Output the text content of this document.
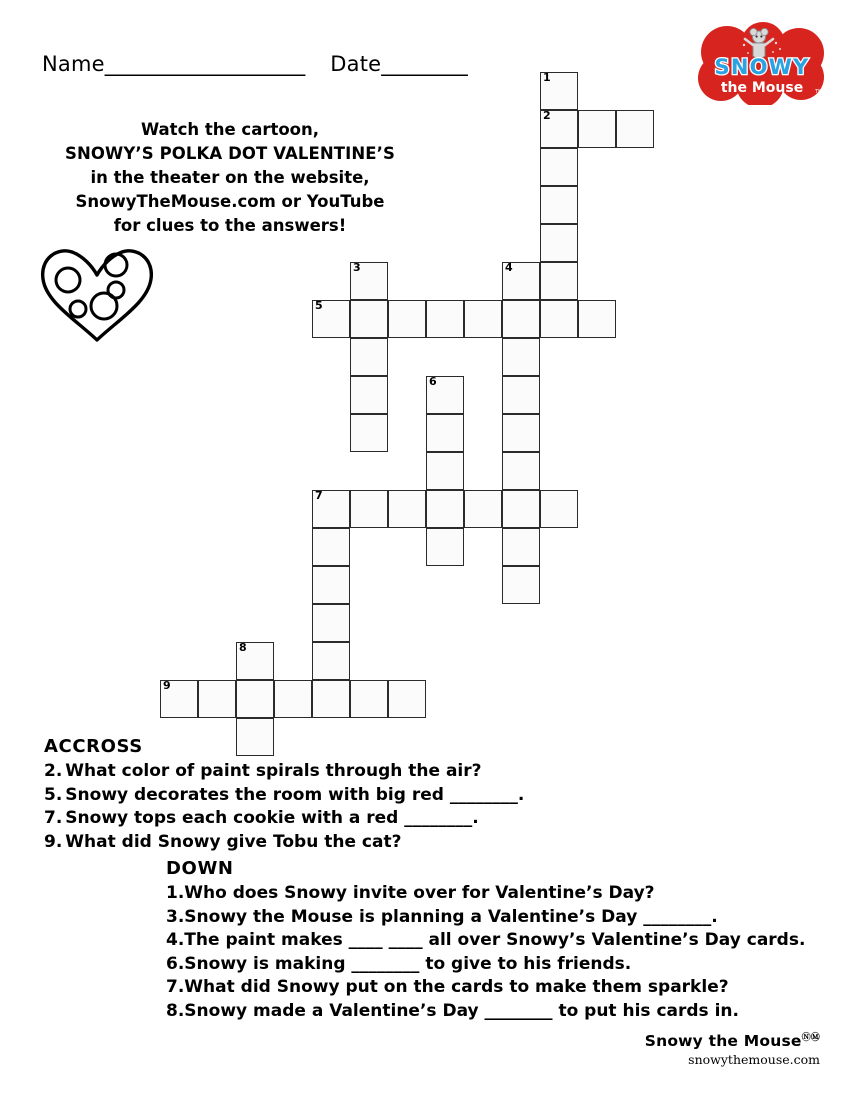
Name_____________________ Date_________	SNOWY
the Mouse TM
Watch the cartoon,
SNOWY’S POLKA DOT VALENTINE’S
in the theater on the website,
SnowyTheMouse.com or YouTube
for clues to the answers!
1
2
3	4
5
6
7
8
9

ACCROSS

2. What color of paint spirals through the air?

5. Snowy decorates the room with big red ________.

7. Snowy tops each cookie with a red ________.

9. What did Snowy give Tobu the cat?

DOWN

1.Who does Snowy invite over for Valentine’s Day?

3.Snowy the Mouse is planning a Valentine’s Day ________.

4.The paint makes ____ ____ all over Snowy’s Valentine’s Day cards.

6.Snowy is making ________ to give to his friends.

7.What did Snowy put on the cards to make them sparkle?

8.Snowy made a Valentine’s Day ________ to put his cards in.

Snowy the MouseⓃⓂ
snowythemouse.com
